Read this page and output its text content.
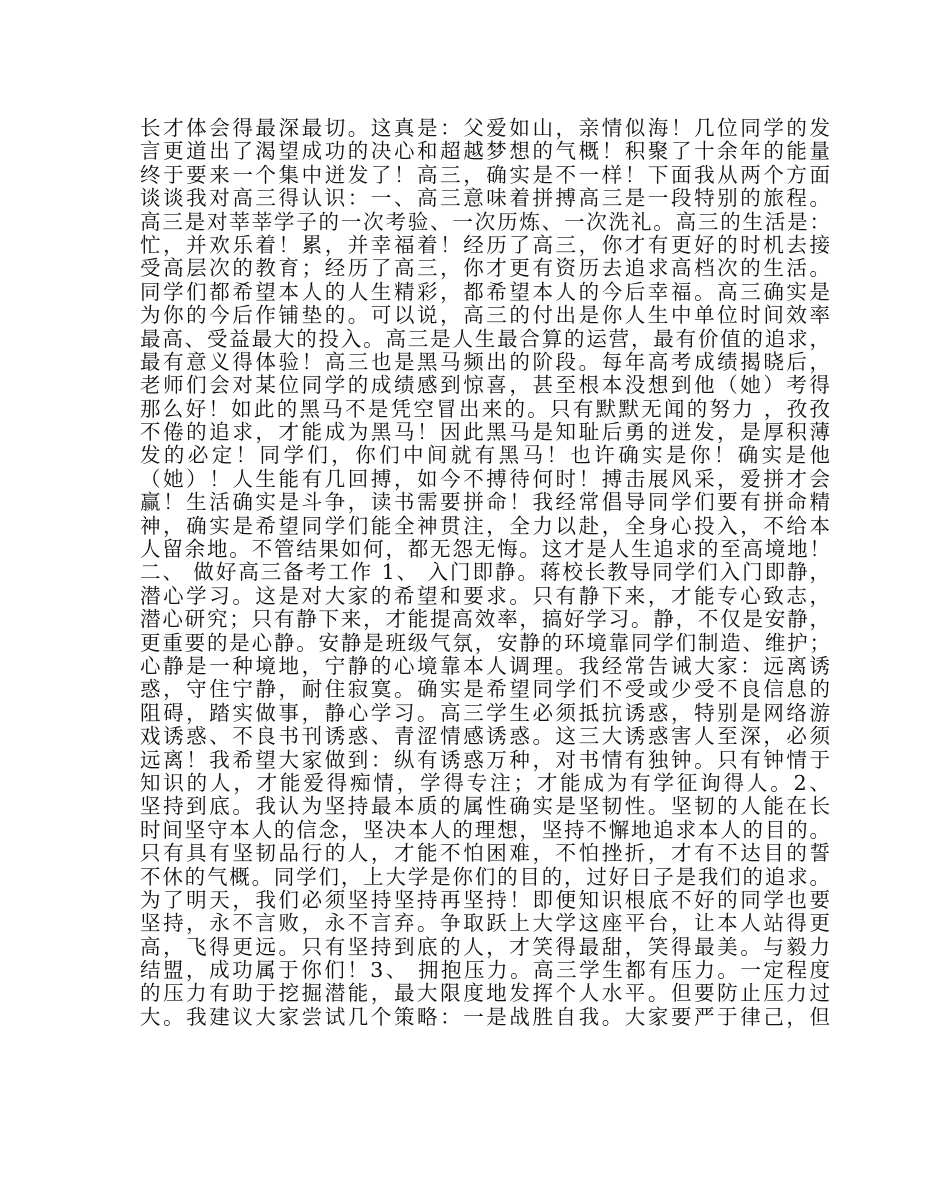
长才体会得最深最切。这真是：父爱如山，亲情似海！几位同学的发
言更道出了渴望成功的决心和超越梦想的气概！积聚了十余年的能量
终于要来一个集中迸发了！高三，确实是不一样！下面我从两个方面
谈谈我对高三得认识：一、高三意味着拼搏高三是一段特别的旅程。
高三是对莘莘学子的一次考验、一次历炼、一次洗礼。高三的生活是：
忙，并欢乐着！累，并幸福着！经历了高三，你才有更好的时机去接
受高层次的教育；经历了高三，你才更有资历去追求高档次的生活。
同学们都希望本人的人生精彩，都希望本人的今后幸福。高三确实是
为你的今后作铺垫的。可以说，高三的付出是你人生中单位时间效率
最高、受益最大的投入。高三是人生最合算的运营，最有价值的追求，
最有意义得体验！高三也是黑马频出的阶段。每年高考成绩揭晓后，
老师们会对某位同学的成绩感到惊喜，甚至根本没想到他（她）考得
那么好！如此的黑马不是凭空冒出来的。只有默默无闻的努力 ，孜孜
不倦的追求，才能成为黑马！因此黑马是知耻后勇的迸发，是厚积薄
发的必定！同学们，你们中间就有黑马！也许确实是你！确实是他
（她）！人生能有几回搏，如今不搏待何时！搏击展风采，爱拼才会
赢！生活确实是斗争，读书需要拼命！我经常倡导同学们要有拼命精
神，确实是希望同学们能全神贯注，全力以赴，全身心投入，不给本
人留余地。不管结果如何，都无怨无悔。这才是人生追求的至高境地！
二、 做好高三备考工作 1、 入门即静。蒋校长教导同学们入门即静，
潜心学习。这是对大家的希望和要求。只有静下来，才能专心致志，
潜心研究；只有静下来，才能提高效率，搞好学习。静，不仅是安静，
更重要的是心静。安静是班级气氛，安静的环境靠同学们制造、维护；
心静是一种境地，宁静的心境靠本人调理。我经常告诫大家：远离诱
惑，守住宁静，耐住寂寞。确实是希望同学们不受或少受不良信息的
阻碍，踏实做事，静心学习。高三学生必须抵抗诱惑，特别是网络游
戏诱惑、不良书刊诱惑、青涩情感诱惑。这三大诱惑害人至深，必须
远离！我希望大家做到：纵有诱惑万种，对书情有独钟。只有钟情于
知识的人，才能爱得痴情，学得专注；才能成为有学征询得人。2、
坚持到底。我认为坚持最本质的属性确实是坚韧性。坚韧的人能在长
时间坚守本人的信念，坚决本人的理想，坚持不懈地追求本人的目的。
只有具有坚韧品行的人，才能不怕困难，不怕挫折，才有不达目的誓
不休的气概。同学们，上大学是你们的目的，过好日子是我们的追求。
为了明天，我们必须坚持坚持再坚持！即便知识根底不好的同学也要
坚持，永不言败，永不言弃。争取跃上大学这座平台，让本人站得更
高，飞得更远。只有坚持到底的人，才笑得最甜，笑得最美。与毅力
结盟，成功属于你们！3、 拥抱压力。高三学生都有压力。一定程度
的压力有助于挖掘潜能，最大限度地发挥个人水平。但要防止压力过
大。我建议大家尝试几个策略：一是战胜自我。大家要严于律己，但
